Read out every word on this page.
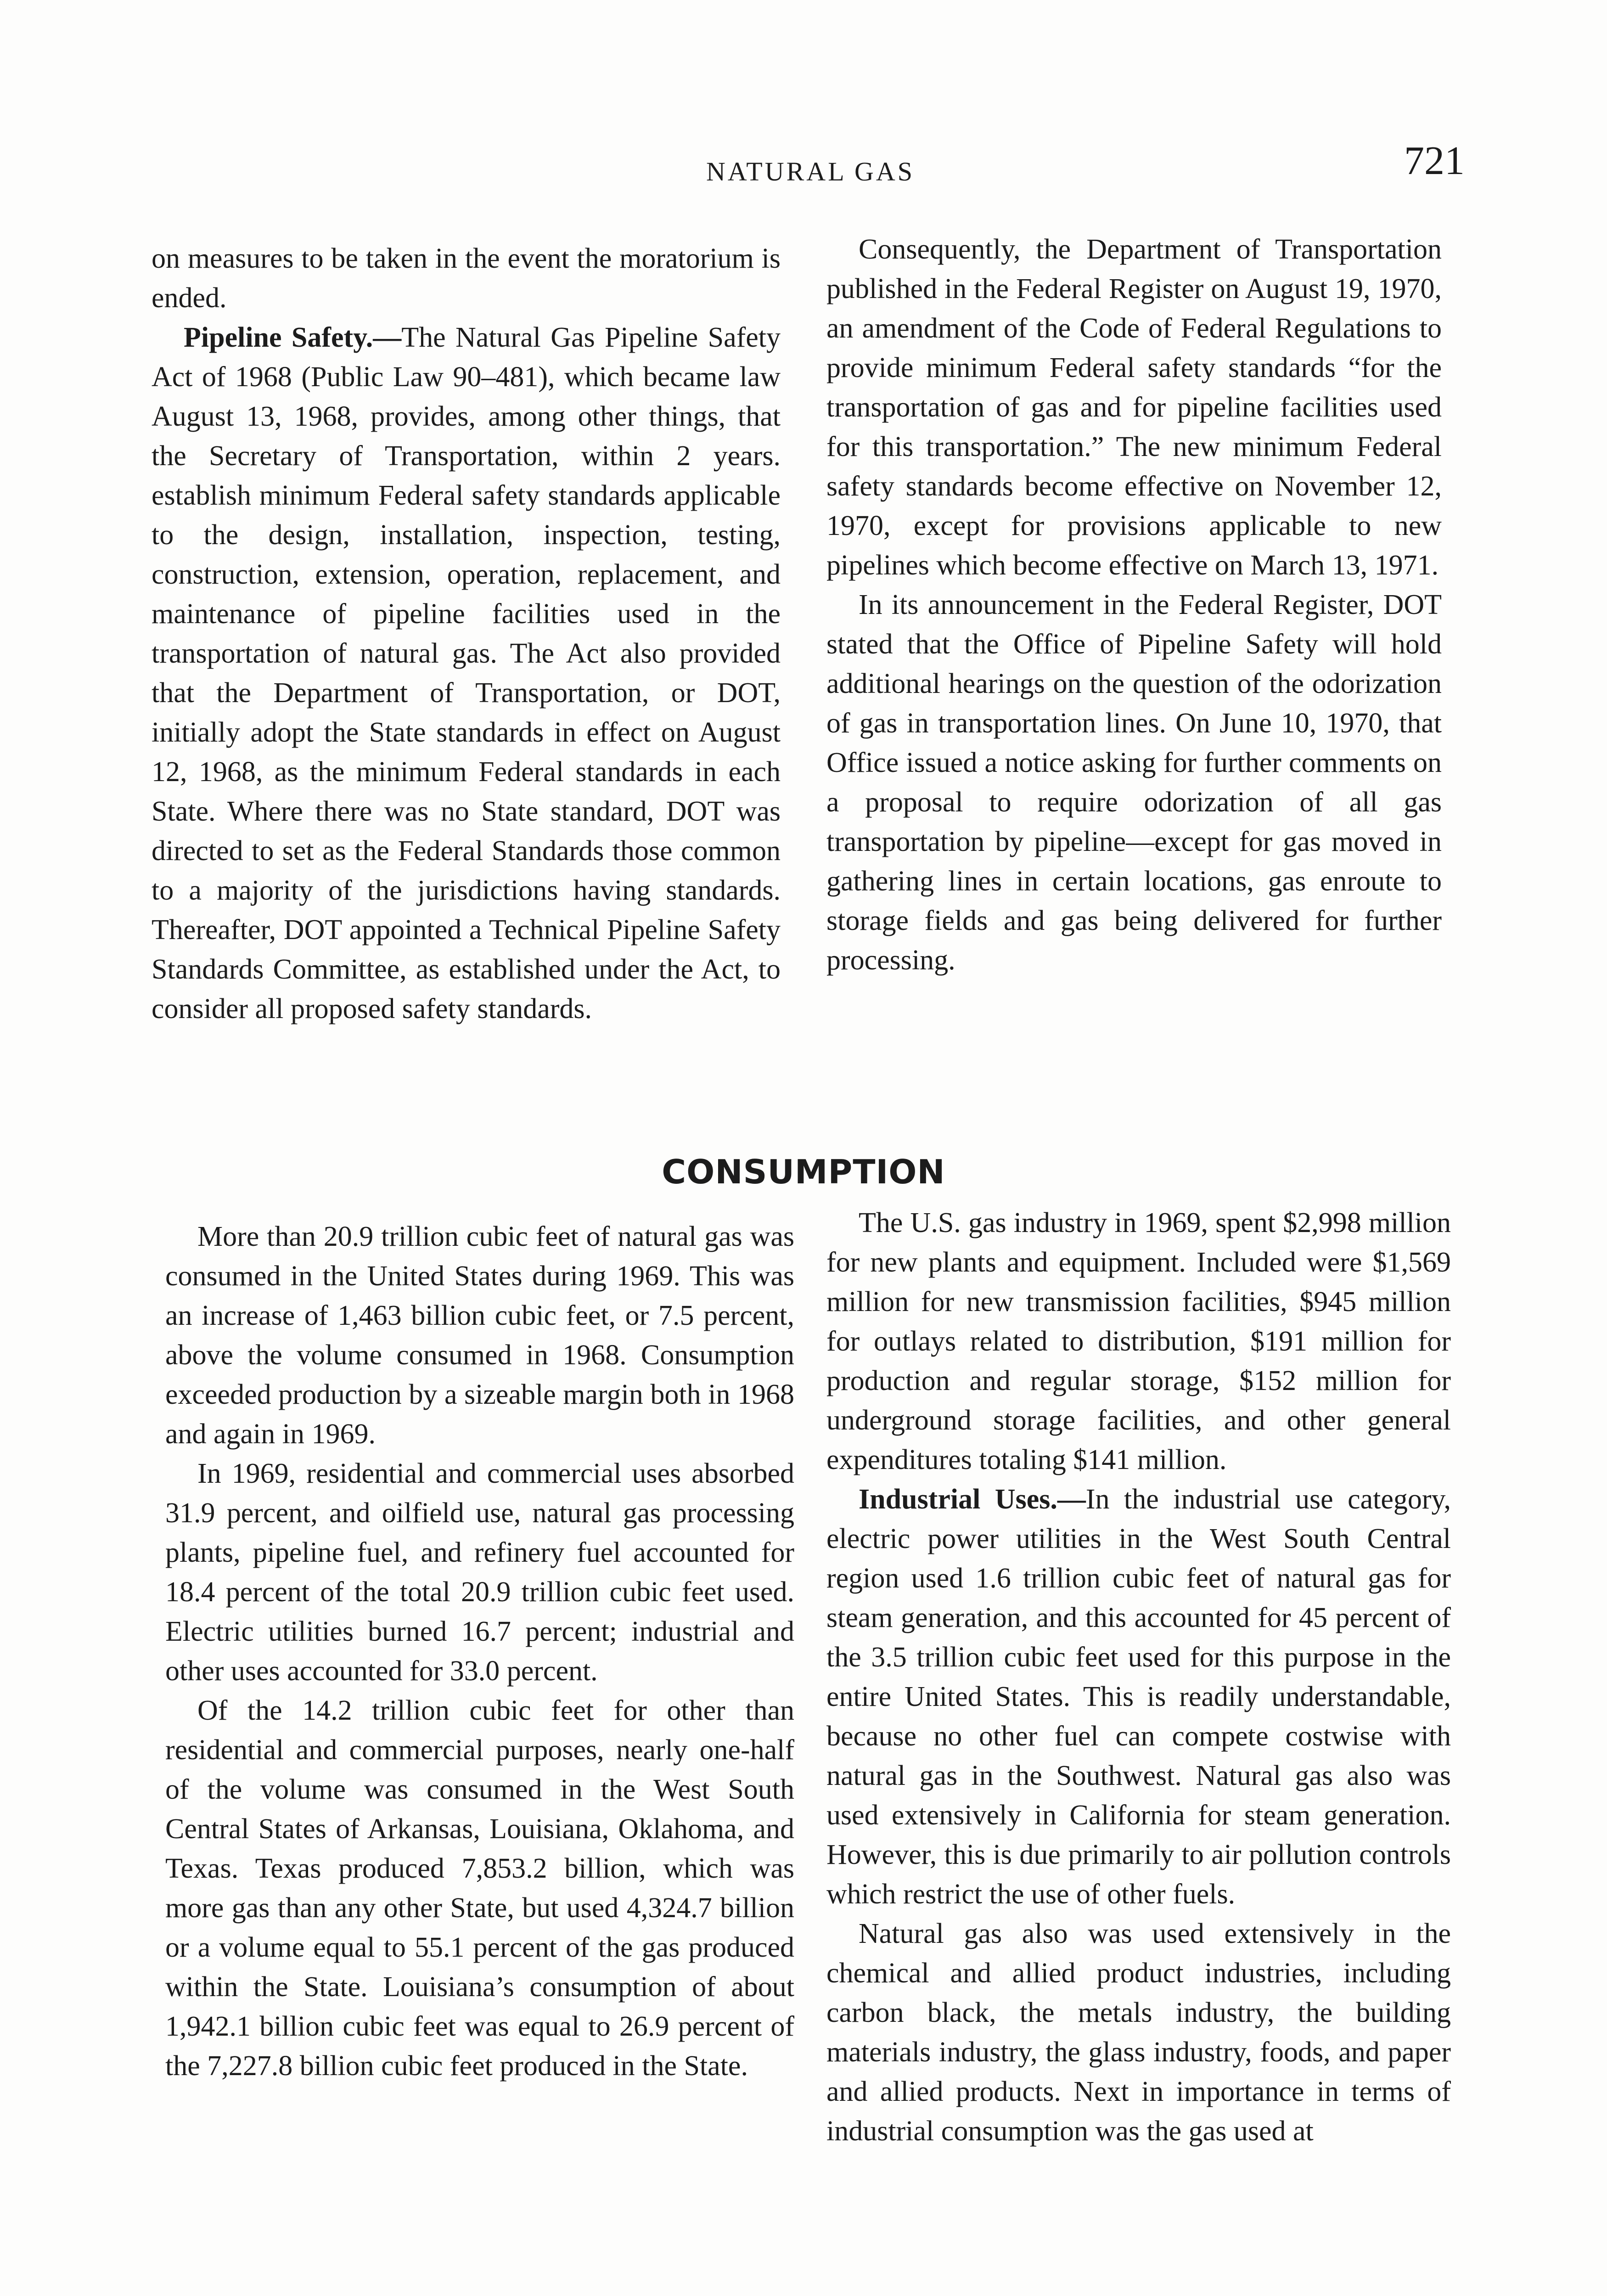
NATURAL GAS	721

on measures to be taken in the event the moratorium is ended.

Pipeline Safety.—The Natural Gas Pipeline Safety Act of 1968 (Public Law 90–481), which became law August 13, 1968, provides, among other things, that the Secretary of Transportation, within 2 years. establish minimum Federal safety standards applicable to the design, installation, inspection, testing, construction, extension, operation, replacement, and maintenance of pipeline facilities used in the transportation of natural gas. The Act also provided that the Department of Transportation, or DOT, initially adopt the State standards in effect on August 12, 1968, as the minimum Federal standards in each State. Where there was no State standard, DOT was directed to set as the Federal Standards those common to a majority of the jurisdictions having standards. Thereafter, DOT appointed a Technical Pipeline Safety Standards Committee, as established under the Act, to consider all proposed safety standards.

Consequently, the Department of Transportation published in the Federal Register on August 19, 1970, an amendment of the Code of Federal Regulations to provide minimum Federal safety standards “for the transportation of gas and for pipeline facilities used for this transportation.” The new minimum Federal safety standards become effective on November 12, 1970, except for provisions applicable to new pipelines which become effective on March 13, 1971.

In its announcement in the Federal Register, DOT stated that the Office of Pipeline Safety will hold additional hearings on the question of the odorization of gas in transportation lines. On June 10, 1970, that Office issued a notice asking for further comments on a proposal to require odorization of all gas transportation by pipeline—except for gas moved in gathering lines in certain locations, gas enroute to storage fields and gas being delivered for further processing.

CONSUMPTION

More than 20.9 trillion cubic feet of natural gas was consumed in the United States during 1969. This was an increase of 1,463 billion cubic feet, or 7.5 percent, above the volume consumed in 1968. Consumption exceeded production by a sizeable margin both in 1968 and again in 1969.

In 1969, residential and commercial uses absorbed 31.9 percent, and oilfield use, natural gas processing plants, pipeline fuel, and refinery fuel accounted for 18.4 percent of the total 20.9 trillion cubic feet used. Electric utilities burned 16.7 percent; industrial and other uses accounted for 33.0 percent.

Of the 14.2 trillion cubic feet for other than residential and commercial purposes, nearly one-half of the volume was consumed in the West South Central States of Arkansas, Louisiana, Oklahoma, and Texas. Texas produced 7,853.2 billion, which was more gas than any other State, but used 4,324.7 billion or a volume equal to 55.1 percent of the gas produced within the State. Louisiana’s consumption of about 1,942.1 billion cubic feet was equal to 26.9 percent of the 7,227.8 billion cubic feet produced in the State.

The U.S. gas industry in 1969, spent $2,998 million for new plants and equipment. Included were $1,569 million for new transmission facilities, $945 million for outlays related to distribution, $191 million for production and regular storage, $152 million for underground storage facilities, and other general expenditures totaling $141 million.

Industrial Uses.—In the industrial use category, electric power utilities in the West South Central region used 1.6 trillion cubic feet of natural gas for steam generation, and this accounted for 45 percent of the 3.5 trillion cubic feet used for this purpose in the entire United States. This is readily understandable, because no other fuel can compete costwise with natural gas in the Southwest. Natural gas also was used extensively in California for steam generation. However, this is due primarily to air pollution controls which restrict the use of other fuels.

Natural gas also was used extensively in the chemical and allied product industries, including carbon black, the metals industry, the building materials industry, the glass industry, foods, and paper and allied products. Next in importance in terms of industrial consumption was the gas used at
